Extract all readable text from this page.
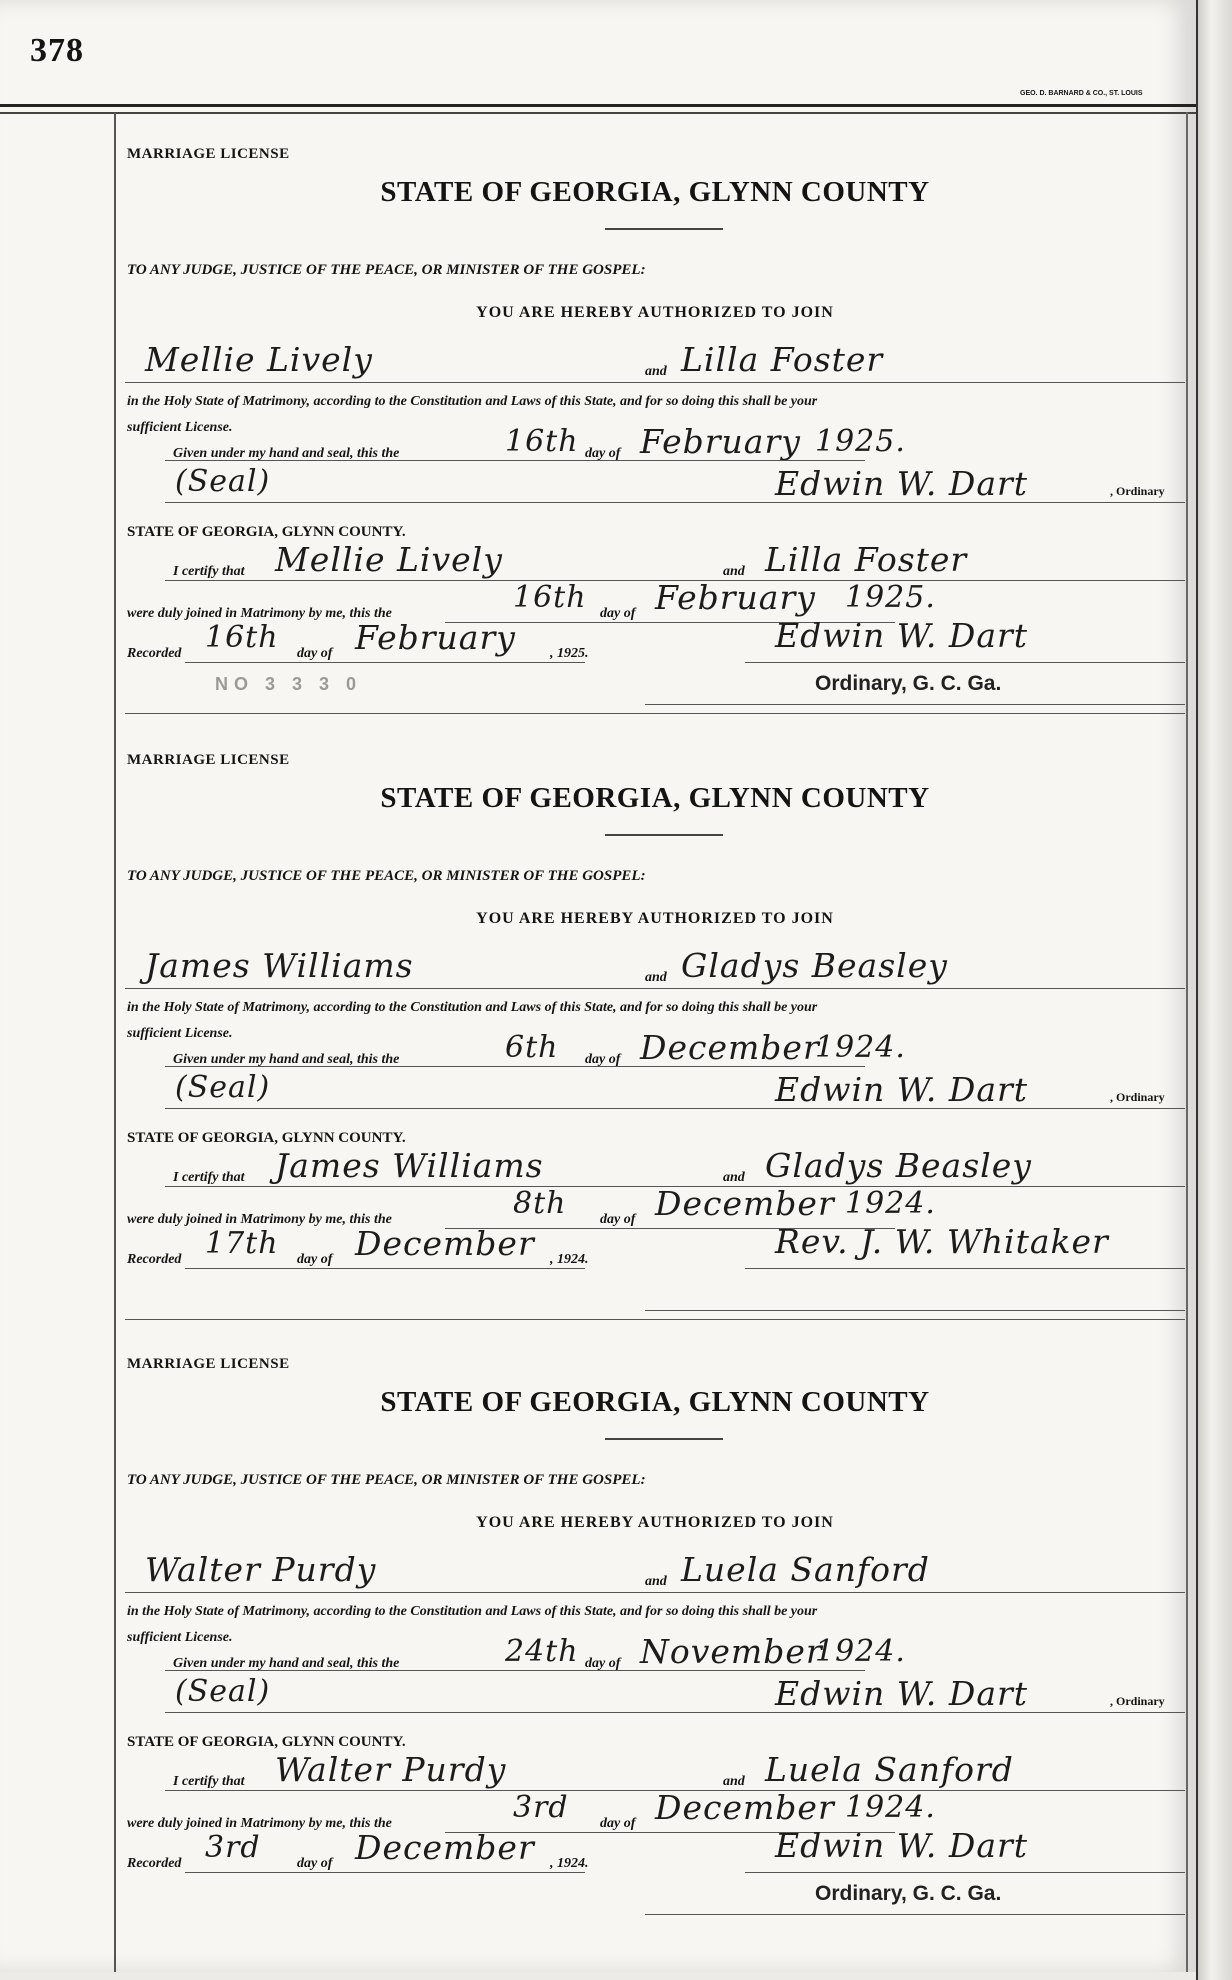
378
GEO. D. BARNARD & CO., ST. LOUIS
MARRIAGE LICENSE
STATE OF GEORGIA, GLYNN COUNTY
TO ANY JUDGE, JUSTICE OF THE PEACE, OR MINISTER OF THE GOSPEL:
YOU ARE HEREBY AUTHORIZED TO JOIN
Mellie Lively	and Lilla Foster
in the Holy State of Matrimony, according to the Constitution and Laws of this State, and for so doing this shall be your
sufficient License.
Given under my hand and seal, this the	16th day of February 1925.
(Seal)	Edwin W. Dart	, Ordinary
STATE OF GEORGIA, GLYNN COUNTY.
I certify that Mellie Lively	and Lilla Foster
were duly joined in Matrimony by me, this the	16th day of February 1925.
Recorded 16th day of February , 1925.	Edwin W. Dart
Ordinary, G. C. Ga.
NO 3 3 3 0
MARRIAGE LICENSE
STATE OF GEORGIA, GLYNN COUNTY
TO ANY JUDGE, JUSTICE OF THE PEACE, OR MINISTER OF THE GOSPEL:
YOU ARE HEREBY AUTHORIZED TO JOIN
James Williams	and Gladys Beasley
in the Holy State of Matrimony, according to the Constitution and Laws of this State, and for so doing this shall be your
sufficient License.
Given under my hand and seal, this the	6th day of December
1924.
(Seal)	Edwin W. Dart	, Ordinary
STATE OF GEORGIA, GLYNN COUNTY.
I certify that James Williams	and Gladys Beasley
were duly joined in Matrimony by me, this the	8th day of December 1924.
Recorded 17th day of December , 1924.	Rev. J. W. Whitaker
MARRIAGE LICENSE
STATE OF GEORGIA, GLYNN COUNTY
TO ANY JUDGE, JUSTICE OF THE PEACE, OR MINISTER OF THE GOSPEL:
YOU ARE HEREBY AUTHORIZED TO JOIN
Walter Purdy	and Luela Sanford
in the Holy State of Matrimony, according to the Constitution and Laws of this State, and for so doing this shall be your
sufficient License.
Given under my hand and seal, this the	24th day of November
1924.
(Seal)	Edwin W. Dart	, Ordinary
STATE OF GEORGIA, GLYNN COUNTY.
I certify that Walter Purdy	and Luela Sanford
were duly joined in Matrimony by me, this the	3rd day of December 1924.
Recorded 3rd	day of December , 1924.	Edwin W. Dart
Ordinary, G. C. Ga.
